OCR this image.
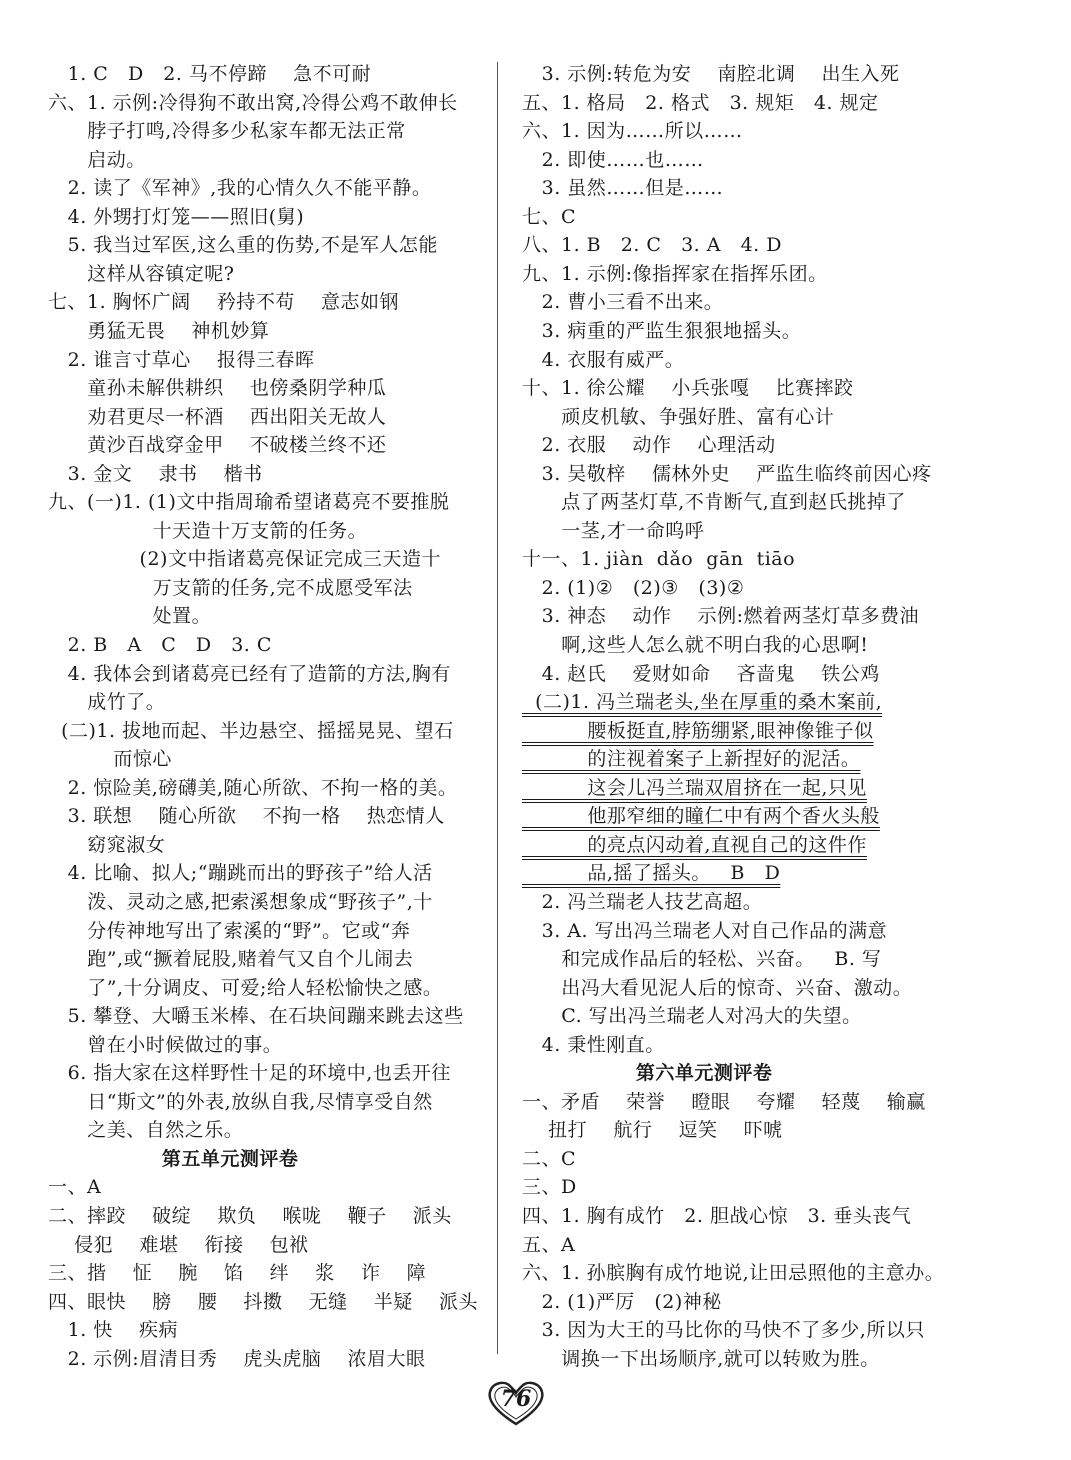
1. C   D   2. 马不停蹄    急不可耐
六、1. 示例:冷得狗不敢出窝,冷得公鸡不敢伸长
脖子打鸣,冷得多少私家车都无法正常
启动。
2. 读了《军神》,我的心情久久不能平静。
4. 外甥打灯笼——照旧(舅)
5. 我当过军医,这么重的伤势,不是军人怎能
这样从容镇定呢?
七、1. 胸怀广阔    矜持不苟    意志如钢
勇猛无畏    神机妙算
2. 谁言寸草心    报得三春晖
童孙未解供耕织    也傍桑阴学种瓜
劝君更尽一杯酒    西出阳关无故人
黄沙百战穿金甲    不破楼兰终不还
3. 金文    隶书    楷书
九、(一)1. (1)文中指周瑜希望诸葛亮不要推脱
十天造十万支箭的任务。
(2)文中指诸葛亮保证完成三天造十
万支箭的任务,完不成愿受军法
处置。
2. B   A   C   D   3. C
4. 我体会到诸葛亮已经有了造箭的方法,胸有
成竹了。
(二)1. 拔地而起、半边悬空、摇摇晃晃、望石
而惊心
2. 惊险美,磅礴美,随心所欲、不拘一格的美。
3. 联想    随心所欲    不拘一格    热恋情人
窈窕淑女
4. 比喻、拟人;“蹦跳而出的野孩子”给人活
泼、灵动之感,把索溪想象成“野孩子”,十
分传神地写出了索溪的“野”。它或“奔
跑”,或“撅着屁股,赌着气又自个儿闹去
了”,十分调皮、可爱;给人轻松愉快之感。
5. 攀登、大嚼玉米棒、在石块间蹦来跳去这些
曾在小时候做过的事。
6. 指大家在这样野性十足的环境中,也丢开往
日“斯文”的外表,放纵自我,尽情享受自然
之美、自然之乐。
第五单元测评卷
一、A
二、摔跤    破绽    欺负    喉咙    鞭子    派头
侵犯    难堪    衔接    包袱
三、揩    怔    腕    馅    绊    浆    诈    障
四、眼快    膀    腰    抖擞    无缝    半疑    派头
1. 快    疾病
2. 示例:眉清目秀    虎头虎脑    浓眉大眼
3. 示例:转危为安    南腔北调    出生入死
五、1. 格局   2. 格式   3. 规矩   4. 规定
六、1. 因为……所以……
2. 即使……也……
3. 虽然……但是……
七、C
八、1. B   2. C   3. A   4. D
九、1. 示例:像指挥家在指挥乐团。
2. 曹小三看不出来。
3. 病重的严监生狠狠地摇头。
4. 衣服有威严。
十、1. 徐公耀    小兵张嘎    比赛摔跤
顽皮机敏、争强好胜、富有心计
2. 衣服    动作    心理活动
3. 吴敬梓    儒林外史    严监生临终前因心疼
点了两茎灯草,不肯断气,直到赵氏挑掉了
一茎,才一命呜呼
十一、1. jiàn  dǎo  gān  tiāo
2. (1)②   (2)③   (3)②
3. 神态    动作    示例:燃着两茎灯草多费油
啊,这些人怎么就不明白我的心思啊!
4. 赵氏    爱财如命    吝啬鬼    铁公鸡
(二)1. 冯兰瑞老头,坐在厚重的桑木案前,
腰板挺直,脖筋绷紧,眼神像锥子似
的注视着案子上新捏好的泥活。
这会儿冯兰瑞双眉挤在一起,只见
他那窄细的瞳仁中有两个香火头般
的亮点闪动着,直视自己的这件作
品,摇了摇头。   B   D
2. 冯兰瑞老人技艺高超。
3. A. 写出冯兰瑞老人对自己作品的满意
和完成作品后的轻松、兴奋。   B. 写
出冯大看见泥人后的惊奇、兴奋、激动。
C. 写出冯兰瑞老人对冯大的失望。
4. 秉性刚直。
第六单元测评卷
一、矛盾    荣誉    瞪眼    夸耀    轻蔑    输赢
扭打    航行    逗笑    吓唬
二、C
三、D
四、1. 胸有成竹   2. 胆战心惊   3. 垂头丧气
五、A
六、1. 孙膑胸有成竹地说,让田忌照他的主意办。
2. (1)严厉   (2)神秘
3. 因为大王的马比你的马快不了多少,所以只
调换一下出场顺序,就可以转败为胜。
76
